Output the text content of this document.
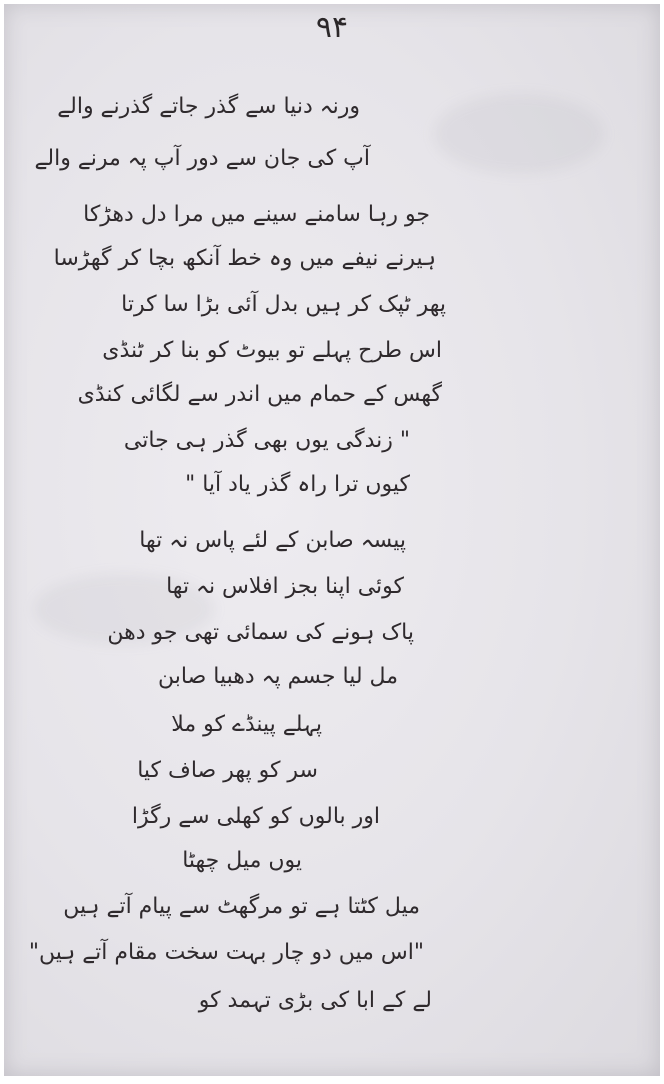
۹۴
ورنہ دنیا سے گذر جاتے گذرنے والے
آپ کی جان سے دور آپ پہ مرنے والے
جو رہا سامنے سینے میں مرا دل دھڑکا
ہیرنے نیفے میں وہ خط آنکھ بچا کر گھڑسا
پھر ٹپک کر ہیں بدل آئی بڑا سا کرتا
اس طرح پہلے تو بیوٹ کو بنا کر ٹنڈی
گھس کے حمام میں اندر سے لگائی کنڈی
" زندگی یوں بھی گذر ہی جاتی
کیوں ترا راہ گذر یاد آیا "
پیسہ صابن کے لئے پاس نہ تھا
کوئی اپنا بجز افلاس نہ تھا
پاک ہونے کی سمائی تھی جو دھن
مل لیا جسم پہ دھبیا صابن
پہلے پینڈے کو ملا
سر کو پھر صاف کیا
اور بالوں کو کھلی سے رگڑا
یوں میل چھٹا
میل کٹتا ہے تو مرگھٹ سے پیام آتے ہیں
"اس میں دو چار بہت سخت مقام آتے ہیں"
لے کے ابا کی بڑی تہمد کو
